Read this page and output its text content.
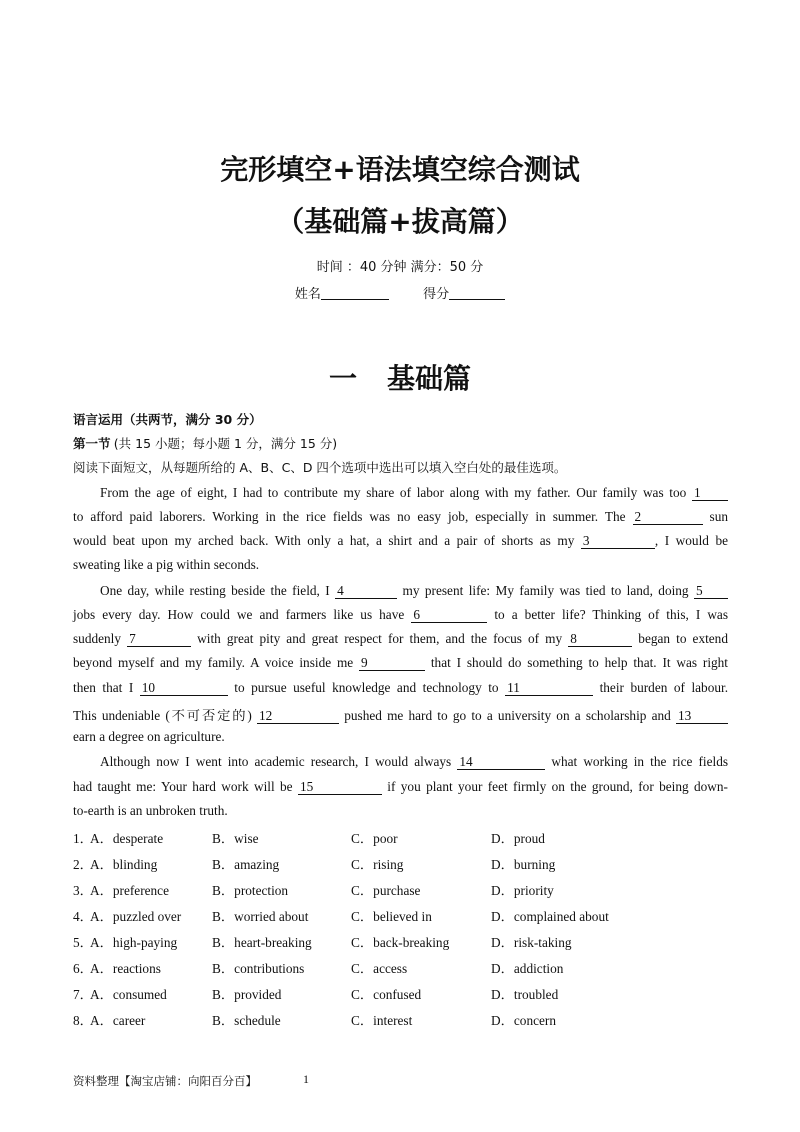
完形填空+语法填空综合测试
（基础篇+拔高篇）
时间 ：40 分钟 满分：50 分
姓名	得分
一 基础篇
语言运用（共两节，满分 30 分）
第一节 (共 15 小题；每小题 1 分，满分 15 分)
阅读下面短文，从每题所给的 A、B、C、D 四个选项中选出可以填入空白处的最佳选项。
From the age of eight, I had to contribute my share of labor along with my father. Our family was too 1
to afford paid laborers. Working in the rice fields was no easy job, especially in summer. The 2	sun
would beat upon my arched back. With only a hat, a shirt and a pair of shorts as my 3	, I would be
sweating like a pig within seconds.
One day, while resting beside the field, I 4	my present life: My family was tied to land, doing 5
jobs every day. How could we and farmers like us have 6	to a better life? Thinking of this, I was
suddenly 7	with great pity and great respect for them, and the focus of my 8	began to extend
beyond myself and my family. A voice inside me 9	that I should do something to help that. It was right
then that I 10	to pursue useful knowledge and technology to 11	their burden of labour.
This undeniable (不可否定的) 12	pushed me hard to go to a university on a scholarship and 13
earn a degree on agriculture.
Although now I went into academic research, I would always 14	what working in the rice fields
had taught me: Your hard work will be 15	if you plant your feet firmly on the ground, for being down-
to-earth is an unbroken truth.
1．
A．desperate	B．wise	C．poor	D．proud
2．
A．blinding	B．amazing	C．rising	D．burning
3．
A．preference	B．protection	C．purchase	D．priority
4．
A．puzzled over B．worried about	C．believed in	D．complained about
5．
A．high-paying	B．heart-breaking	C．back-breaking	D．risk-taking
6．
A．reactions	B．contributions	C．access	D．addiction
7．
A．consumed	B．provided	C．confused	D．troubled
8．
A．career	B．schedule	C．interest	D．concern
资料整理【淘宝店铺：向阳百分百】	1
